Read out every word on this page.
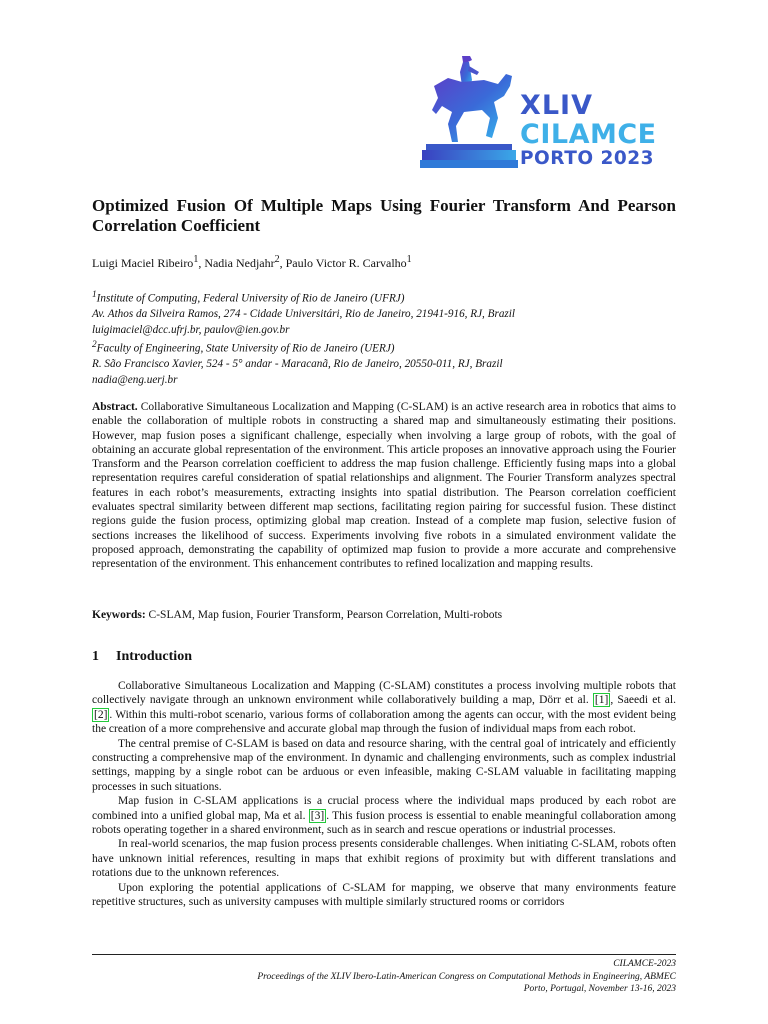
XLIV
CILAMCE
PORTO 2023
Optimized Fusion Of Multiple Maps Using Fourier Transform And Pearson Correlation Coefficient
Luigi Maciel Ribeiro$^1$, Nadia Nedjahr$^2$, Paulo Victor R. Carvalho$^1$
$^1$Institute of Computing, Federal University of Rio de Janeiro (UFRJ)
Av. Athos da Silveira Ramos, 274 - Cidade Universitári, Rio de Janeiro, 21941-916, RJ, Brazil
luigimaciel@dcc.ufrj.br, paulov@ien.gov.br
$^2$Faculty of Engineering, State University of Rio de Janeiro (UERJ)
R. São Francisco Xavier, 524 - 5° andar - Maracanã, Rio de Janeiro, 20550-011, RJ, Brazil
nadia@eng.uerj.br
Abstract. Collaborative Simultaneous Localization and Mapping (C-SLAM) is an active research area in robotics that aims to enable the collaboration of multiple robots in constructing a shared map and simultaneously estimating their positions. However, map fusion poses a significant challenge, especially when involving a large group of robots, with the goal of obtaining an accurate global representation of the environment. This article proposes an innovative approach using the Fourier Transform and the Pearson correlation coefficient to address the map fusion challenge. Efficiently fusing maps into a global representation requires careful consideration of spatial relationships and alignment. The Fourier Transform analyzes spectral features in each robot’s measurements, extracting insights into spatial distribution. The Pearson correlation coefficient evaluates spectral similarity between different map sections, facilitating region pairing for successful fusion. These distinct regions guide the fusion process, optimizing global map creation. Instead of a complete map fusion, selective fusion of sections increases the likelihood of success. Experiments involving five robots in a simulated environment validate the proposed approach, demonstrating the capability of optimized map fusion to provide a more accurate and comprehensive representation of the environment. This enhancement contributes to refined localization and mapping results.
Keywords: C-SLAM, Map fusion, Fourier Transform, Pearson Correlation, Multi-robots
1 Introduction

Collaborative Simultaneous Localization and Mapping (C-SLAM) constitutes a process involving multiple robots that collectively navigate through an unknown environment while collaboratively building a map, Dörr et al. [1] , Saeedi et al. [2] . Within this multi-robot scenario, various forms of collaboration among the agents can occur, with the most evident being the creation of a more comprehensive and accurate global map through the fusion of individual maps from each robot.

The central premise of C-SLAM is based on data and resource sharing, with the central goal of intricately and efficiently constructing a comprehensive map of the environment. In dynamic and challenging environments, such as complex industrial settings, mapping by a single robot can be arduous or even infeasible, making C-SLAM valuable in facilitating mapping processes in such situations.

Map fusion in C-SLAM applications is a crucial process where the individual maps produced by each robot are combined into a unified global map, Ma et al. [3] . This fusion process is essential to enable meaningful collaboration among robots operating together in a shared environment, such as in search and rescue operations or industrial processes.

In real-world scenarios, the map fusion process presents considerable challenges. When initiating C-SLAM, robots often have unknown initial references, resulting in maps that exhibit regions of proximity but with different translations and rotations due to the unknown references.

Upon exploring the potential applications of C-SLAM for mapping, we observe that many environments feature repetitive structures, such as university campuses with multiple similarly structured rooms or corridors

CILAMCE-2023
Proceedings of the XLIV Ibero-Latin-American Congress on Computational Methods in Engineering, ABMEC
Porto, Portugal, November 13-16, 2023
